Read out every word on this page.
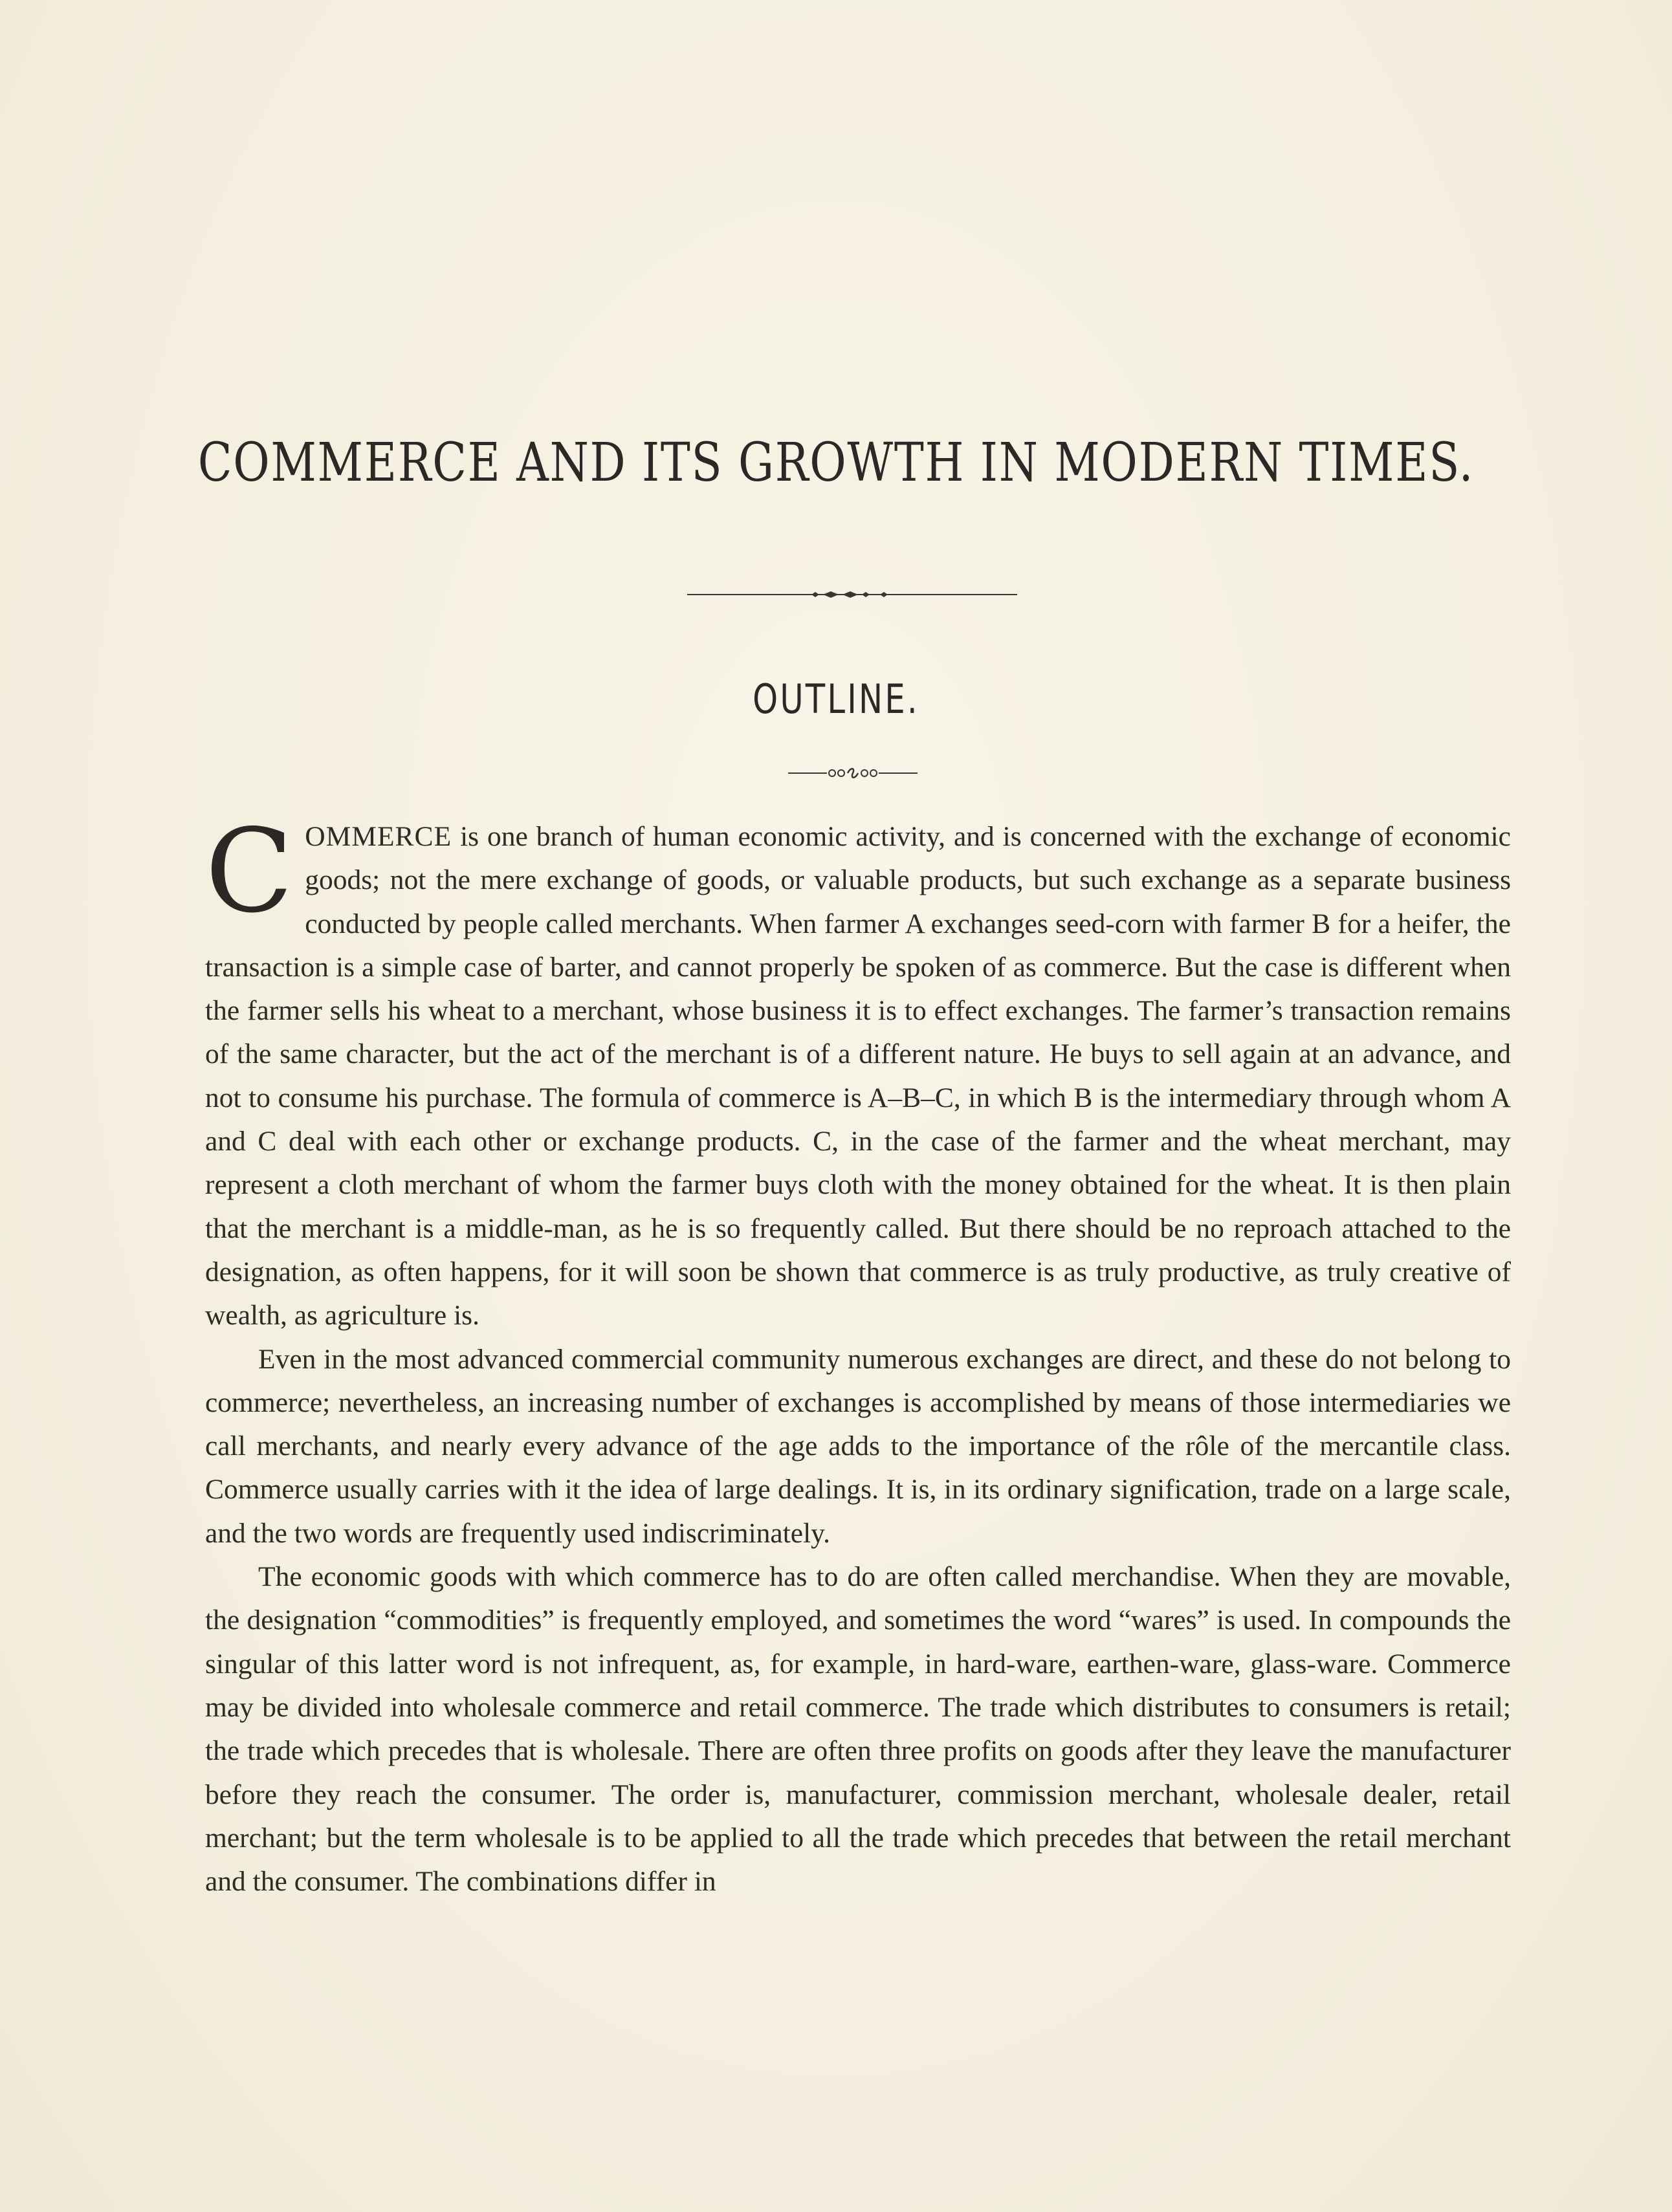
COMMERCE AND ITS GROWTH IN MODERN TIMES.
OUTLINE.

COMMERCE is one branch of human economic activity, and is concerned with the exchange of economic goods; not the mere exchange of goods, or valuable products, but such exchange as a separate business conducted by people called merchants. When farmer A exchanges seed-corn with farmer B for a heifer, the transaction is a simple case of barter, and cannot properly be spoken of as commerce. But the case is different when the farmer sells his wheat to a merchant, whose business it is to effect exchanges. The farmer’s transaction remains of the same character, but the act of the merchant is of a different nature. He buys to sell again at an advance, and not to consume his purchase. The formula of commerce is A–B–C, in which B is the intermediary through whom A and C deal with each other or exchange products. C, in the case of the farmer and the wheat merchant, may represent a cloth merchant of whom the farmer buys cloth with the money obtained for the wheat. It is then plain that the merchant is a middle-man, as he is so frequently called. But there should be no reproach attached to the designation, as often happens, for it will soon be shown that commerce is as truly productive, as truly creative of wealth, as agriculture is.

Even in the most advanced commercial community numerous exchanges are direct, and these do not belong to commerce; nevertheless, an increasing number of exchanges is accomplished by means of those intermediaries we call merchants, and nearly every advance of the age adds to the importance of the rôle of the mercantile class. Commerce usually carries with it the idea of large dealings. It is, in its ordinary signification, trade on a large scale, and the two words are frequently used indiscriminately.

The economic goods with which commerce has to do are often called merchandise. When they are movable, the designation “commodities” is frequently employed, and sometimes the word “wares” is used. In compounds the singular of this latter word is not infrequent, as, for example, in hard-ware, earthen-ware, glass-ware. Commerce may be divided into wholesale commerce and retail commerce. The trade which distributes to consumers is retail; the trade which precedes that is wholesale. There are often three profits on goods after they leave the manufacturer before they reach the consumer. The order is, manufacturer, commission merchant, wholesale dealer, retail merchant; but the term wholesale is to be applied to all the trade which precedes that between the retail merchant and the consumer. The combinations differ in
